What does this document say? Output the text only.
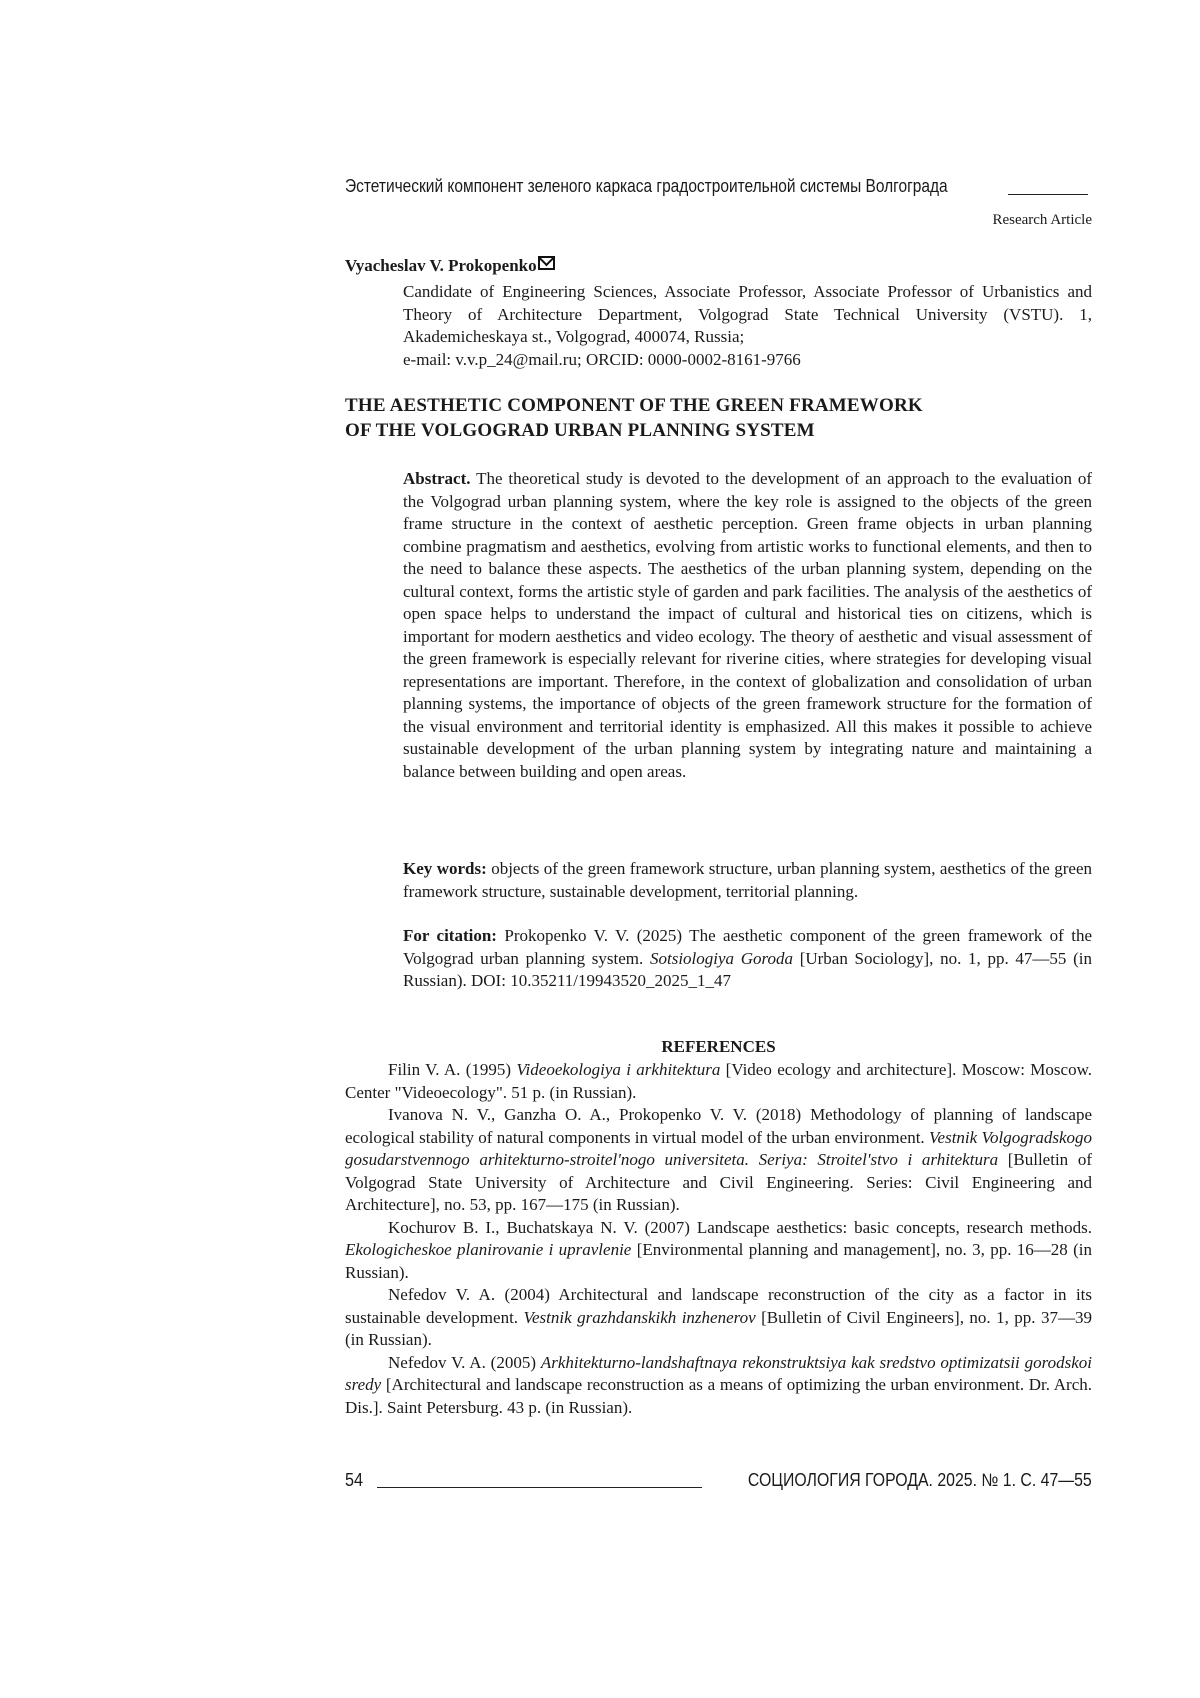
Эстетический компонент зеленого каркаса градостроительной системы Волгограда
Research Article
Vyacheslav V. Prokopenko

Candidate of Engineering Sciences, Associate Professor, Associate Professor of Urbanistics and Theory of Architecture Department, Volgograd State Technical University (VSTU). 1, Akademicheskaya st., Volgograd, 400074, Russia;

e-mail: v.v.p_24@mail.ru; ORCID: 0000-0002-8161-9766

THE AESTHETIC COMPONENT OF THE GREEN FRAMEWORK
OF THE VOLGOGRAD URBAN PLANNING SYSTEM
Abstract. The theoretical study is devoted to the development of an approach to the evaluation of the Volgograd urban planning system, where the key role is assigned to the objects of the green frame structure in the context of aesthetic perception. Green frame objects in urban planning combine pragmatism and aesthetics, evolving from artistic works to functional elements, and then to the need to balance these aspects. The aesthetics of the urban planning system, depending on the cultural context, forms the artistic style of garden and park facilities. The analysis of the aesthetics of open space helps to understand the impact of cultural and historical ties on citizens, which is important for modern aesthetics and video ecology. The theory of aesthetic and visual assessment of the green framework is especially relevant for riverine cities, where strategies for developing visual representations are important. Therefore, in the context of globalization and consolidation of urban planning systems, the importance of objects of the green framework structure for the formation of the visual environment and territorial identity is emphasized. All this makes it possible to achieve sustainable development of the urban planning system by integrating nature and maintaining a balance between building and open areas.
Key words: objects of the green framework structure, urban planning system, aesthetics of the green framework structure, sustainable development, territorial planning.
For citation: Prokopenko V. V. (2025) The aesthetic component of the green framework of the Volgograd urban planning system. Sotsiologiya Goroda [Urban Sociology], no. 1, pp. 47—55 (in Russian). DOI: 10.35211/19943520_2025_1_47
REFERENCES

Filin V. A. (1995) Videoekologiya i arkhitektura [Video ecology and architecture]. Moscow: Moscow. Center "Videoecology". 51 p. (in Russian).

Ivanova N. V., Ganzha O. A., Prokopenko V. V. (2018) Methodology of planning of landscape ecological stability of natural components in virtual model of the urban environment. Vestnik Volgogradskogo gosudarstvennogo arhitekturno-stroitel'nogo universiteta. Seriya: Stroitel'stvo i arhitektura [Bulletin of Volgograd State University of Architecture and Civil Engineering. Series: Civil Engineering and Architecture], no. 53, pp. 167—175 (in Russian).

Kochurov B. I., Buchatskaya N. V. (2007) Landscape aesthetics: basic concepts, research methods. Ekologicheskoe planirovanie i upravlenie [Environmental planning and management], no. 3, pp. 16—28 (in Russian).

Nefedov V. A. (2004) Architectural and landscape reconstruction of the city as a factor in its sustainable development. Vestnik grazhdanskikh inzhenerov [Bulletin of Civil Engineers], no. 1, pp. 37—39 (in Russian).

Nefedov V. A. (2005) Arkhitekturno-landshaftnaya rekonstruktsiya kak sredstvo optimizatsii gorodskoi sredy [Architectural and landscape reconstruction as a means of optimizing the urban environment. Dr. Arch. Dis.]. Saint Petersburg. 43 p. (in Russian).

54	СОЦИОЛОГИЯ ГОРОДА. 2025. № 1. С. 47—55
